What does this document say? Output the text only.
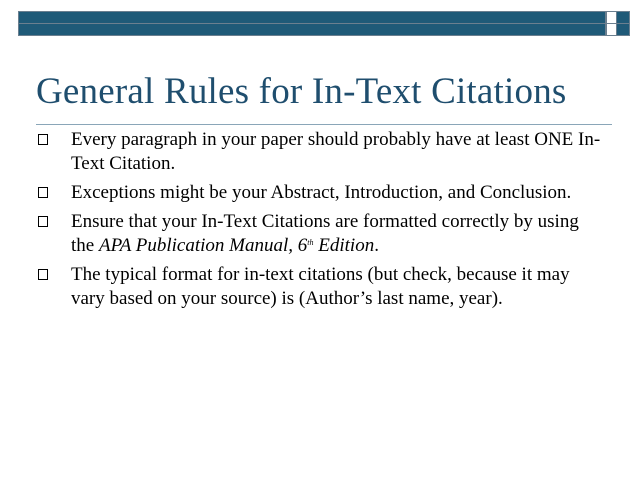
General Rules for In-Text Citations
Every paragraph in your paper should probably have at least ONE In-Text Citation.
Exceptions might be your Abstract, Introduction, and Conclusion.
Ensure that your In-Text Citations are formatted correctly by using the APA Publication Manual, 6th Edition.
The typical format for in-text citations (but check, because it may vary based on your source) is (Author’s last name, year).
